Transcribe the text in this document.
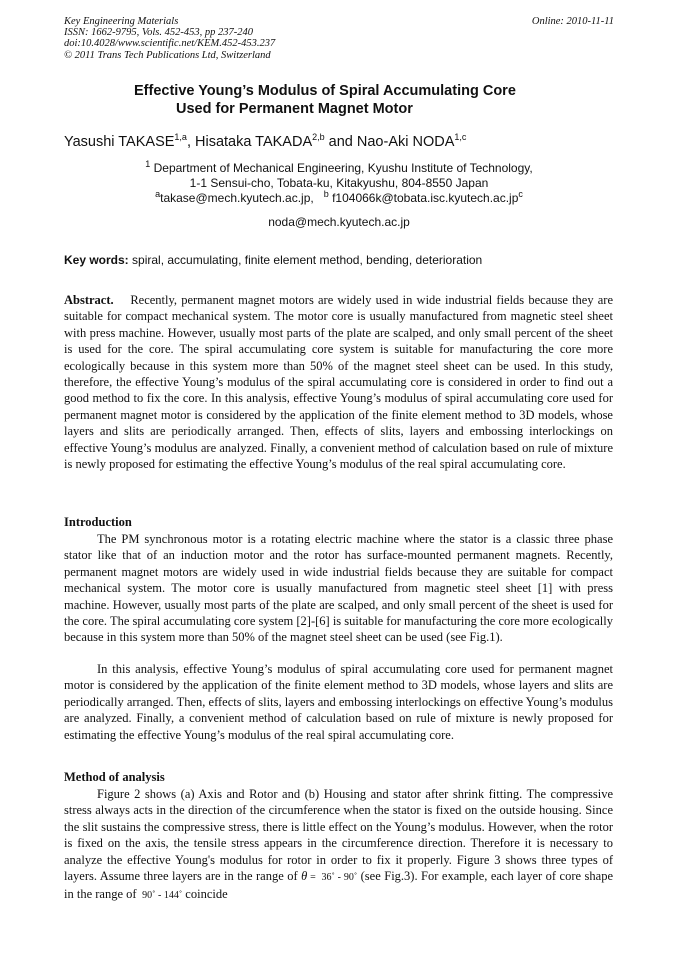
Key Engineering Materials	Online: 2010-11-11
ISSN: 1662-9795, Vols. 452-453, pp 237-240
doi:10.4028/www.scientific.net/KEM.452-453.237
© 2011 Trans Tech Publications Ltd, Switzerland
Effective Young’s Modulus of Spiral Accumulating Core
Used for Permanent Magnet Motor
Yasushi TAKASE$^{1,a}$, Hisataka TAKADA$^{2,b}$ and Nao-Aki NODA$^{1,c}$
$^1$ Department of Mechanical Engineering, Kyushu Institute of Technology,
1-1 Sensui-cho, Tobata-ku, Kitakyushu, 804-8550 Japan
$^a$takase@mech.kyutech.ac.jp, $^b$ $f104066k@tobata.isc.kyutech.ac.jp^c$
noda@mech.kyutech.ac.jp
Key words: spiral, accumulating, finite element method, bending, deterioration

Abstract. Recently, permanent magnet motors are widely used in wide industrial fields because they are suitable for compact mechanical system. The motor core is usually manufactured from magnetic steel sheet with press machine. However, usually most parts of the plate are scalped, and only small percent of the sheet is used for the core. The spiral accumulating core system is suitable for manufacturing the core more ecologically because in this system more than 50% of the magnet steel sheet can be used. In this study, therefore, the effective Young’s modulus of the spiral accumulating core is considered in order to find out a good method to fix the core. In this analysis, effective Young’s modulus of spiral accumulating core used for permanent magnet motor is considered by the application of the finite element method to 3D models, whose layers and slits are periodically arranged. Then, effects of slits, layers and embossing interlockings on effective Young’s modulus are analyzed. Finally, a convenient method of calculation based on rule of mixture is newly proposed for estimating the effective Young’s modulus of the real spiral accumulating core.

Introduction

The PM synchronous motor is a rotating electric machine where the stator is a classic three phase stator like that of an induction motor and the rotor has surface-mounted permanent magnets. Recently, permanent magnet motors are widely used in wide industrial fields because they are suitable for compact mechanical system. The motor core is usually manufactured from magnetic steel sheet [1] with press machine. However, usually most parts of the plate are scalped, and only small percent of the sheet is used for the core. The spiral accumulating core system [2]-[6] is suitable for manufacturing the core more ecologically because in this system more than 50% of the magnet steel sheet can be used (see Fig.1).

In this analysis, effective Young’s modulus of spiral accumulating core used for permanent magnet motor is considered by the application of the finite element method to 3D models, whose layers and slits are periodically arranged. Then, effects of slits, layers and embossing interlockings on effective Young’s modulus are analyzed. Finally, a convenient method of calculation based on rule of mixture is newly proposed for estimating the effective Young’s modulus of the real spiral accumulating core.

Method of analysis

Figure 2 shows (a) Axis and Rotor and (b) Housing and stator after shrink fitting. The compressive stress always acts in the direction of the circumference when the stator is fixed on the outside housing. Since the slit sustains the compressive stress, there is little effect on the Young’s modulus. However, when the rotor is fixed on the axis, the tensile stress appears in the circumference direction. Therefore it is necessary to analyze the effective Young's modulus for rotor in order to fix it properly. Figure 3 shows three types of layers. Assume three layers are in the range of θ =  36˚ - 90˚ (see Fig.3). For example, each layer of core shape in the range of  90˚ - 144˚ coincide
